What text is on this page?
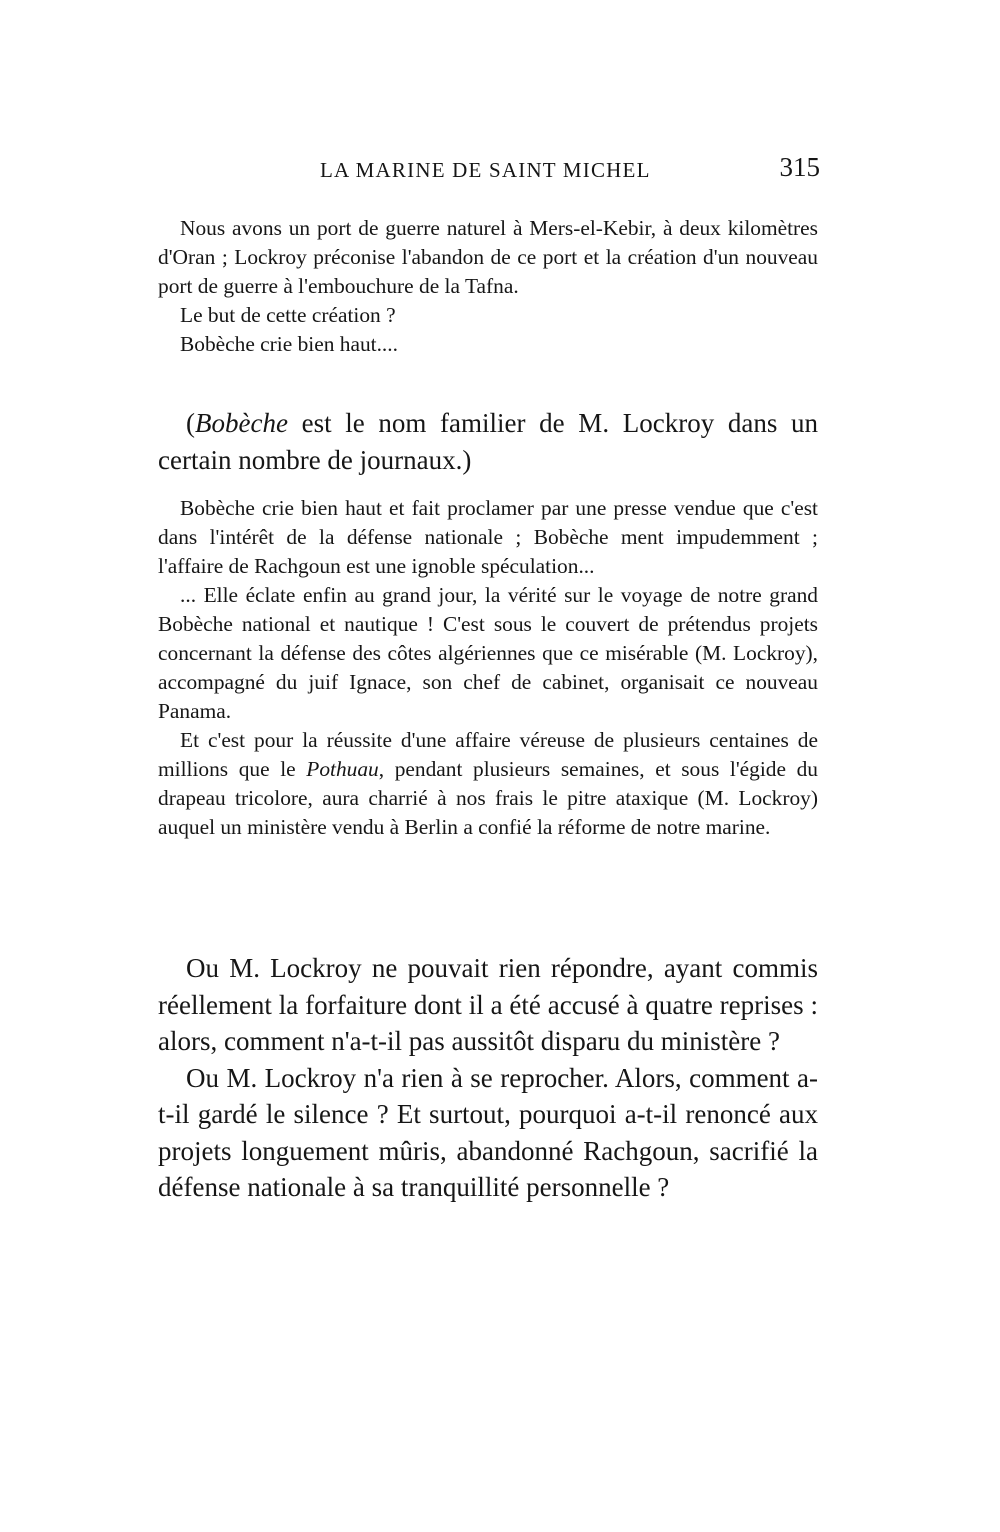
LA MARINE DE SAINT MICHEL	315

Nous avons un port de guerre naturel à Mers-el-Kebir, à deux kilomètres d'Oran ; Lockroy préconise l'abandon de ce port et la création d'un nouveau port de guerre à l'embouchure de la Tafna.

Le but de cette création ?

Bobèche crie bien haut....

(Bobèche est le nom familier de M. Lockroy dans un certain nombre de journaux.)

Bobèche crie bien haut et fait proclamer par une presse vendue que c'est dans l'intérêt de la défense nationale ; Bobèche ment impudemment ; l'affaire de Rachgoun est une ignoble spéculation...

... Elle éclate enfin au grand jour, la vérité sur le voyage de notre grand Bobèche national et nautique ! C'est sous le couvert de prétendus projets concernant la défense des côtes algériennes que ce misérable (M. Lockroy), accompagné du juif Ignace, son chef de cabinet, organisait ce nouveau Panama.

Et c'est pour la réussite d'une affaire véreuse de plusieurs centaines de millions que le Pothuau, pendant plusieurs semaines, et sous l'égide du drapeau tricolore, aura charrié à nos frais le pitre ataxique (M. Lockroy) auquel un ministère vendu à Berlin a confié la réforme de notre marine.

Ou M. Lockroy ne pouvait rien répondre, ayant commis réellement la forfaiture dont il a été accusé à quatre reprises : alors, comment n'a-t-il pas aussitôt disparu du ministère ?

Ou M. Lockroy n'a rien à se reprocher. Alors, comment a-t-il gardé le silence ? Et surtout, pourquoi a-t-il renoncé aux projets longuement mûris, abandonné Rachgoun, sacrifié la défense nationale à sa tranquillité personnelle ?
